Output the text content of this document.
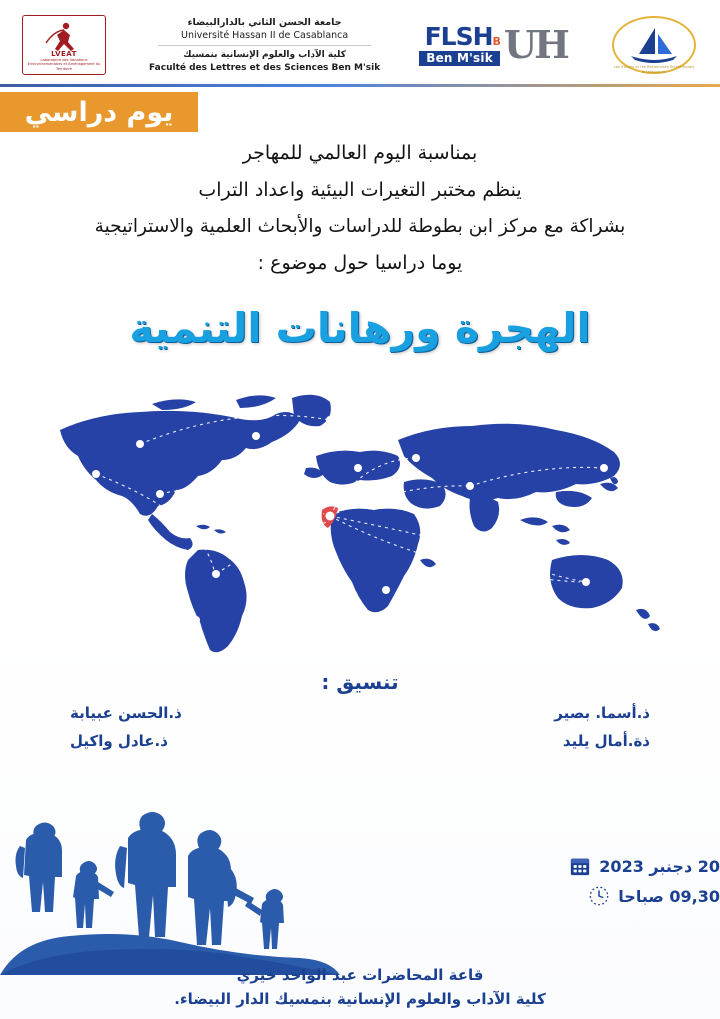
Les Études et les Recherches Scientifiques Stratégiques
UH
FLSHB
Ben M'sik
جامعة الحسن الثاني بالدارالبيضاء
Université Hassan II de Casablanca
كلية الآداب والعلوم الإنسانية بنمسيك
Faculté des Lettres et des Sciences Ben M'sik
LVEAT
Laboratoire des Variations Environnementales et Aménagement du Territoire
يوم دراسي
بمناسبة اليوم العالمي للمهاجر
ينظم مختبر التغيرات البيئية واعداد التراب
بشراكة مع مركز ابن بطوطة للدراسات والأبحاث العلمية والاستراتيجية
يوما دراسيا حول موضوع :
الهجرة ورهانات التنمية
تنسيق :
ذ.أسما. بصير
ذة.أمال يليد
ذ.الحسن عبيابة
ذ.عادل واكيل
20 دجنبر 2023
09,30 صباحا
قاعة المحاضرات عبد الواحد خيري
كلية الآداب والعلوم الإنسانية بنمسيك الدار البيضاء.
